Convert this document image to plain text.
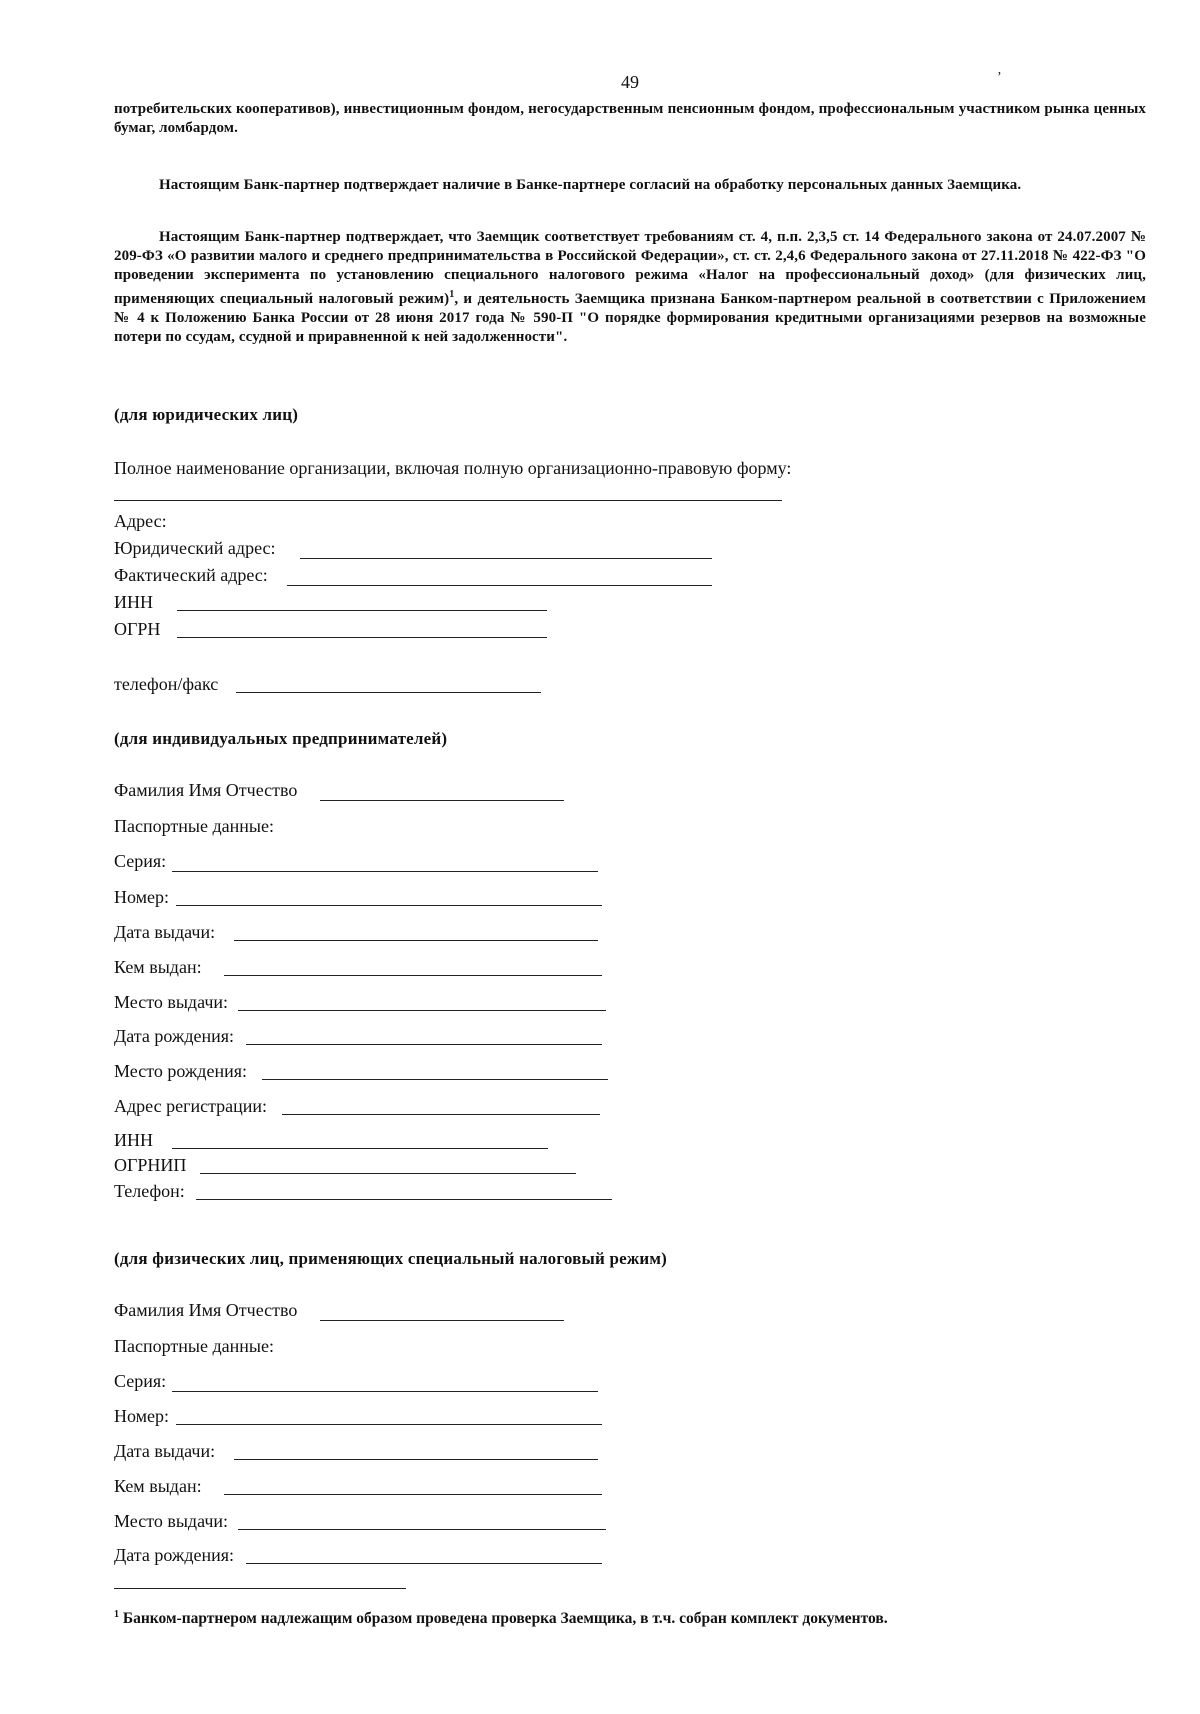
49	’
потребительских кооперативов), инвестиционным фондом, негосударственным пенсионным фондом, профессиональным участником рынка ценных бумаг, ломбардом.
Настоящим Банк-партнер подтверждает наличие в Банке-партнере согласий на обработку персональных данных Заемщика.
Настоящим Банк-партнер подтверждает, что Заемщик соответствует требованиям ст. 4, п.п. 2,3,5 ст. 14 Федерального закона от 24.07.2007 № 209-ФЗ «О развитии малого и среднего предпринимательства в Российской Федерации», ст. ст. 2,4,6 Федерального закона от 27.11.2018 № 422-ФЗ "О проведении эксперимента по установлению специального налогового режима «Налог на профессиональный доход» (для физических лиц, применяющих специальный налоговый режим)$^1$, и деятельность Заемщика признана Банком-партнером реальной в соответствии с Приложением № 4 к Положению Банка России от 28 июня 2017 года № 590-П "О порядке формирования кредитными организациями резервов на возможные потери по ссудам, ссудной и приравненной к ней задолженности".
(для юридических лиц)
Полное наименование организации, включая полную организационно-правовую форму:
Адрес:
Юридический адрес:
Фактический адрес:
ИНН
ОГРН
телефон/факс
(для индивидуальных предпринимателей)
Фамилия Имя Отчество
Паспортные данные:
Серия:
Номер:
Дата выдачи:
Кем выдан:
Место выдачи:
Дата рождения:
Место рождения:
Адрес регистрации:
ИНН
ОГРНИП
Телефон:
(для физических лиц, применяющих специальный налоговый режим)
Фамилия Имя Отчество
Паспортные данные:
Серия:
Номер:
Дата выдачи:
Кем выдан:
Место выдачи:
Дата рождения:
$^1$ Банком-партнером надлежащим образом проведена проверка Заемщика, в т.ч. собран комплект документов.
